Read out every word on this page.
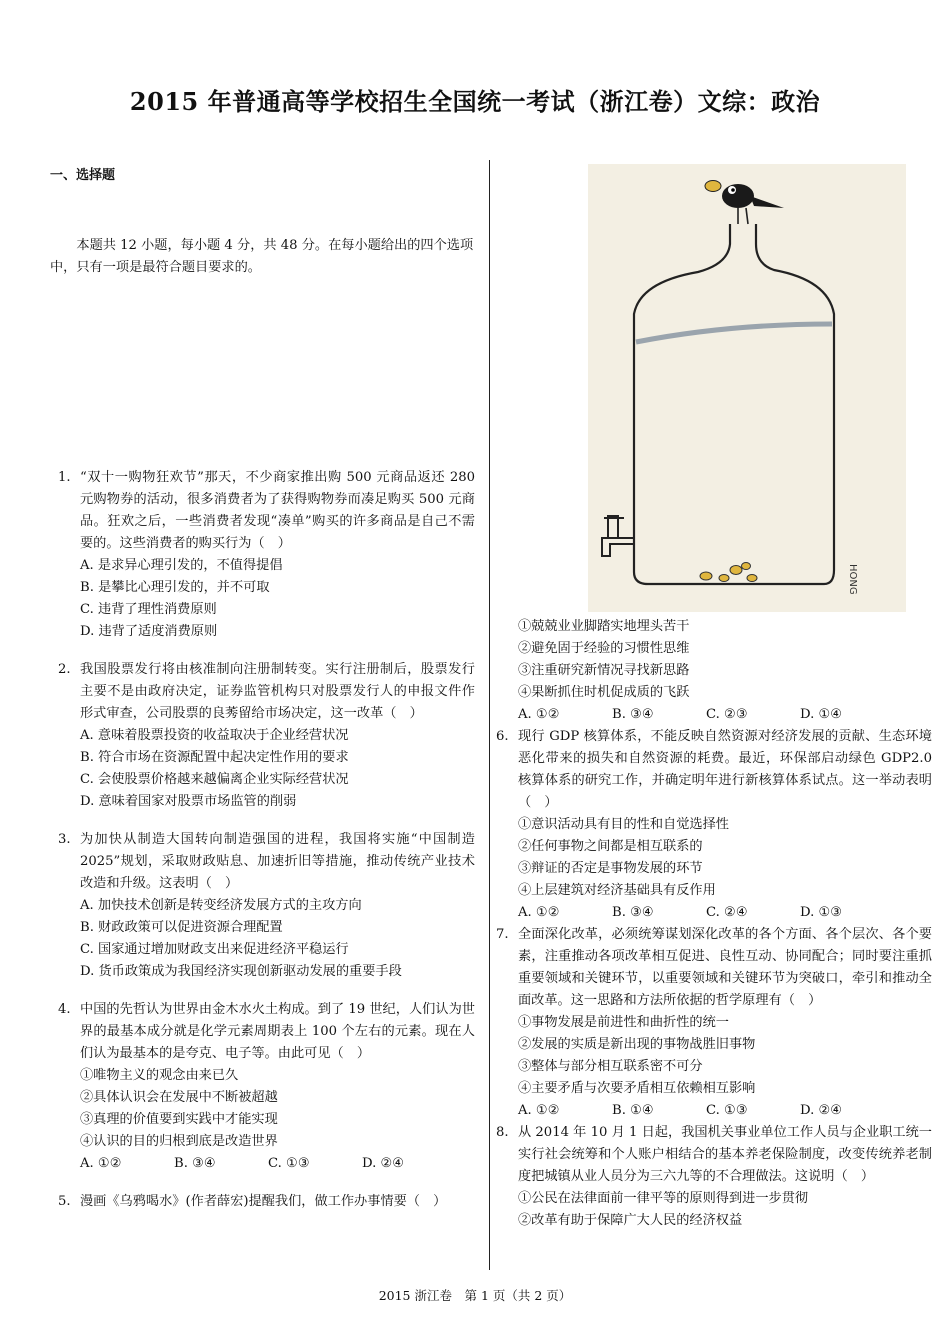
2015 年普通高等学校招生全国统一考试（浙江卷）文综：政治
一、选择题
本题共 12 小题，每小题 4 分，共 48 分。在每小题给出的四个选项中，只有一项是最符合题目要求的。
1. “双十一购物狂欢节”那天，不少商家推出购 500 元商品返还 280 元购物券的活动，很多消费者为了获得购物券而凑足购买 500 元商品。狂欢之后，一些消费者发现“凑单”购买的许多商品是自己不需要的。这些消费者的购买行为（　）
A. 是求异心理引发的，不值得提倡
B. 是攀比心理引发的，并不可取
C. 违背了理性消费原则
D. 违背了适度消费原则
2. 我国股票发行将由核准制向注册制转变。实行注册制后，股票发行主要不是由政府决定，证券监管机构只对股票发行人的申报文件作形式审查，公司股票的良莠留给市场决定，这一改革（　）
A. 意味着股票投资的收益取决于企业经营状况
B. 符合市场在资源配置中起决定性作用的要求
C. 会使股票价格越来越偏离企业实际经营状况
D. 意味着国家对股票市场监管的削弱
3. 为加快从制造大国转向制造强国的进程，我国将实施“中国制造 2025”规划，采取财政贴息、加速折旧等措施，推动传统产业技术改造和升级。这表明（　）
A. 加快技术创新是转变经济发展方式的主攻方向
B. 财政政策可以促进资源合理配置
C. 国家通过增加财政支出来促进经济平稳运行
D. 货币政策成为我国经济实现创新驱动发展的重要手段
4. 中国的先哲认为世界由金木水火土构成。到了 19 世纪，人们认为世界的最基本成分就是化学元素周期表上 100 个左右的元素。现在人们认为最基本的是夸克、电子等。由此可见（　）
①唯物主义的观念由来已久
②具体认识会在发展中不断被超越
③真理的价值要到实践中才能实现
④认识的目的归根到底是改造世界
A. ①②	B. ③④	C. ①③	D. ②④
5. 漫画《乌鸦喝水》(作者薛宏)提醒我们，做工作办事情要（　）
HONG
①兢兢业业脚踏实地埋头苦干
②避免固于经验的习惯性思维
③注重研究新情况寻找新思路
④果断抓住时机促成质的飞跃
A. ①②	B. ③④	C. ②③	D. ①④
6. 现行 GDP 核算体系，不能反映自然资源对经济发展的贡献、生态环境恶化带来的损失和自然资源的耗费。最近，环保部启动绿色 GDP2.0 核算体系的研究工作，并确定明年进行新核算体系试点。这一举动表明（　）
①意识活动具有目的性和自觉选择性
②任何事物之间都是相互联系的
③辩证的否定是事物发展的环节
④上层建筑对经济基础具有反作用
A. ①②	B. ③④	C. ②④	D. ①③
7. 全面深化改革，必须统筹谋划深化改革的各个方面、各个层次、各个要素，注重推动各项改革相互促进、良性互动、协同配合；同时要注重抓重要领域和关键环节，以重要领域和关键环节为突破口，牵引和推动全面改革。这一思路和方法所依据的哲学原理有（　）
①事物发展是前进性和曲折性的统一
②发展的实质是新出现的事物战胜旧事物
③整体与部分相互联系密不可分
④主要矛盾与次要矛盾相互依赖相互影响
A. ①②	B. ①④	C. ①③	D. ②④
8. 从 2014 年 10 月 1 日起，我国机关事业单位工作人员与企业职工统一实行社会统筹和个人账户相结合的基本养老保险制度，改变传统养老制度把城镇从业人员分为三六九等的不合理做法。这说明（　）
①公民在法律面前一律平等的原则得到进一步贯彻
②改革有助于保障广大人民的经济权益
2015 浙江卷　第 1 页（共 2 页）
